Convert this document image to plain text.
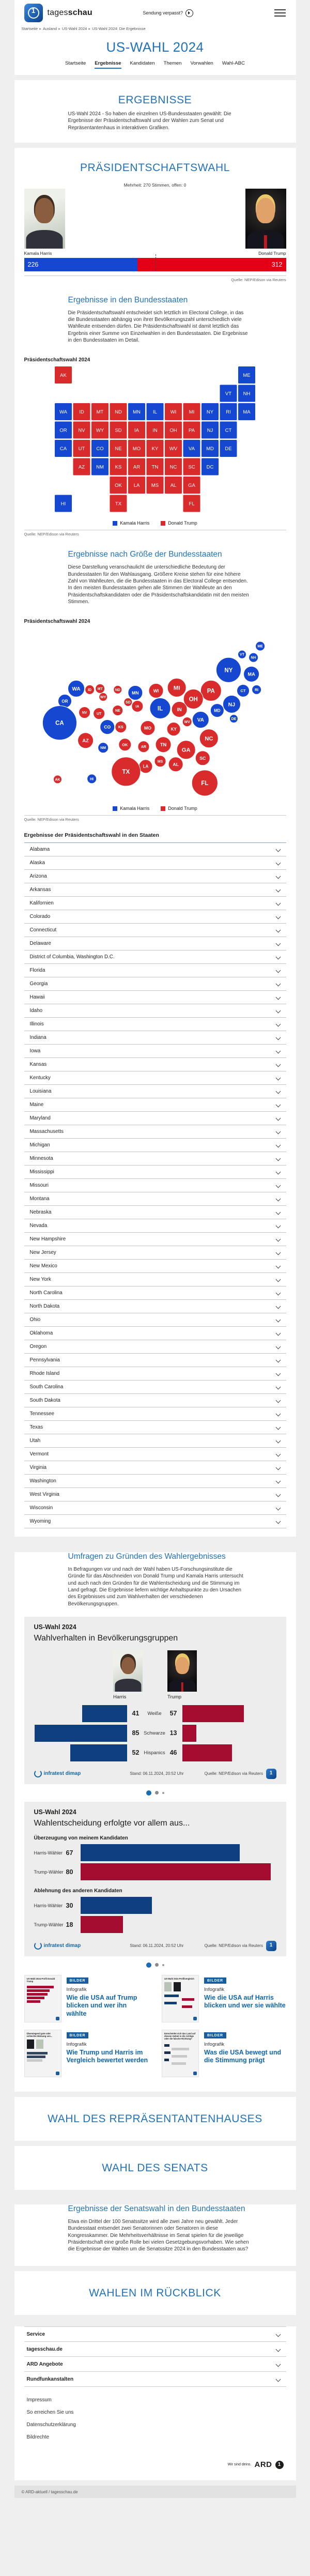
1
tagesschau	Sendung verpasst?
Startseite ▸ Ausland ▸ US-Wahl 2024 ▸ US-Wahl 2024: Die Ergebnisse
US-WAHL 2024
Startseite Ergebnisse Kandidaten Themen Vorwahlen Wahl-ABC
ERGEBNISSE

US-Wahl 2024 - So haben die einzelnen US-Bundesstaaten gewählt: Die Ergebnisse der Präsidentschaftswahl und der Wahlen zum Senat und Repräsentantenhaus in interaktiven Grafiken.

PRÄSIDENTSCHAFTSWAHL
Mehrheit: 270 Stimmen, offen: 0
Kamala Harris	Donald Trump
226	312
Quelle: NEP/Edison via Reuters
Ergebnisse in den Bundesstaaten

Die Präsidentschaftswahl entscheidet sich letztlich im Electoral College, in das die Bundesstaaten abhängig von ihrer Bevölkerungszahl unterschiedlich viele Wahlleute entsenden dürfen. Die Präsidentschaftswahl ist damit letztlich das Ergebnis einer Summe von Einzelwahlen in den Bundesstaaten. Die Ergebnisse in den Bundesstaaten im Detail.

Präsidentschaftswahl 2024
AK	ME
VT NH
WA ID	MT ND MN	IL	WI	MI NY	RI MA
OR NV WY SD	IA	IN OH PA NJ CT
CA UT CO NE MO KY WV VA MD DE
AZ NM KS AR TN NC SC DC
OK LA MS AL GA
HI	TX	FL
Kamala Harris	Donald Trump
Quelle: NEP/Edison via Reuters
Ergebnisse nach Größe der Bundesstaaten

Diese Darstellung veranschaulicht die unterschiedliche Bedeutung der Bundesstaaten für den Wahlausgang. Größere Kreise stehen für eine höhere Zahl von Wahlleuten, die die Bundesstaaten in das Electoral College entsenden. In den meisten Bundesstaaten gehen alle Stimmen der Wahlleute an den Präsidentschaftskandidaten oder die Präsidentschaftskandidatin mit den meisten Stimmen.

Präsidentschaftswahl 2024
ME
VT
NH
NY
MA
CT	RI
PA
NJ
MD
DE
VA
WV
OH
MI
IN
KY
TN
NC
SC
GA
AL
MS
FL
WI
IL
MN
IA
MO
AR
LA
ND
SD
NE
KS
OK
TX
MT
WY
ID
CO
NM
UT
NV
AZ
WA
OR
CA
AK	HI
Kamala Harris	Donald Trump
Quelle: NEP/Edison via Reuters
Ergebnisse der Präsidentschaftswahl in den Staaten
Alabama
Alaska
Arizona
Arkansas
Kalifornien
Colorado
Connecticut
Delaware
District of Columbia, Washington D.C.
Florida
Georgia
Hawaii
Idaho
Illinois
Indiana
Iowa
Kansas
Kentucky
Louisiana
Maine
Maryland
Massachusetts
Michigan
Minnesota
Mississippi
Missouri
Montana
Nebraska
Nevada
New Hampshire
New Jersey
New Mexico
New York
North Carolina
North Dakota
Ohio
Oklahoma
Oregon
Pennsylvania
Rhode Island
South Carolina
South Dakota
Tennessee
Texas
Utah
Vermont
Virginia
Washington
West Virginia
Wisconsin
Wyoming
Umfragen zu Gründen des Wahlergebnisses

In Befragungen vor und nach der Wahl haben US-Forschungsinstitute die Gründe für das Abschneiden von Donald Trump und Kamala Harris untersucht und auch nach den Gründen für die Wahlentscheidung und die Stimmung im Land gefragt. Die Ergebnisse liefern wichtige Anhaltspunkte zu den Ursachen des Ergebnisses und zum Wahlverhalten der verschiedenen Bevölkerungsgruppen.

US-Wahl 2024
Wahlverhalten in Bevölkerungsgruppen
Harris	Trump
41 Weiße 57
85 Schwarze 13
52 Hispanics 46
infratest dimap	Stand: 06.11.2024, 20:52 Uhr	Quelle: NEP/Edison via Reuters
1
US-Wahl 2024
Wahlentscheidung erfolgte vor allem aus...
Überzeugung von meinem Kandidaten
Harris-Wähler 67
Trump-Wähler 80
Ablehnung des anderen Kandidaten
Harris-Wähler 30
Trump-Wähler 18
infratest dimap	Stand: 06.11.2024, 20:52 Uhr	Quelle: NEP/Edison via Reuters
1
US-Wahl 2024 Profil Donald Trump	BILDER
Infografik
Wie die USA auf Trump blicken und wer ihn wählte
US-Wahl 2024 Profilvergleich
BILDER
Infografik
Wie die USA auf Harris blicken und wer sie wählte
Überwiegend gute oder schlechte Meinung von...	BILDER
Infografik
Wie Trump und Harris im Vergleich bewertet werden
Entscheidet sich das Land auf diesem Gebiet in die richtige oder die falsche Richtung?
BILDER
Infografik
Was die USA bewegt und die Stimmung prägt
WAHL DES REPRÄSENTANTENHAUSES
WAHL DES SENATS
Ergebnisse der Senatswahl in den Bundesstaaten

Etwa ein Drittel der 100 Senatssitze wird alle zwei Jahre neu gewählt. Jeder Bundesstaat entsendet zwei Senatorinnen oder Senatoren in diese Kongresskammer. Die Mehrheitsverhältnisse im Senat spielen für die jeweilige Präsidentschaft eine große Rolle bei vielen Gesetzgebungsvorhaben. Wie sehen die Ergebnisse der Wahlen um die Senatssitze 2024 in den Bundesstaaten aus?

WAHLEN IM RÜCKBLICK
Service
tagesschau.de
ARD Angebote
Rundfunkanstalten
Impressum
So erreichen Sie uns
Datenschutzerklärung
Bildrechte
Wir sind deins. ARD	1
© ARD-aktuell / tagesschau.de
